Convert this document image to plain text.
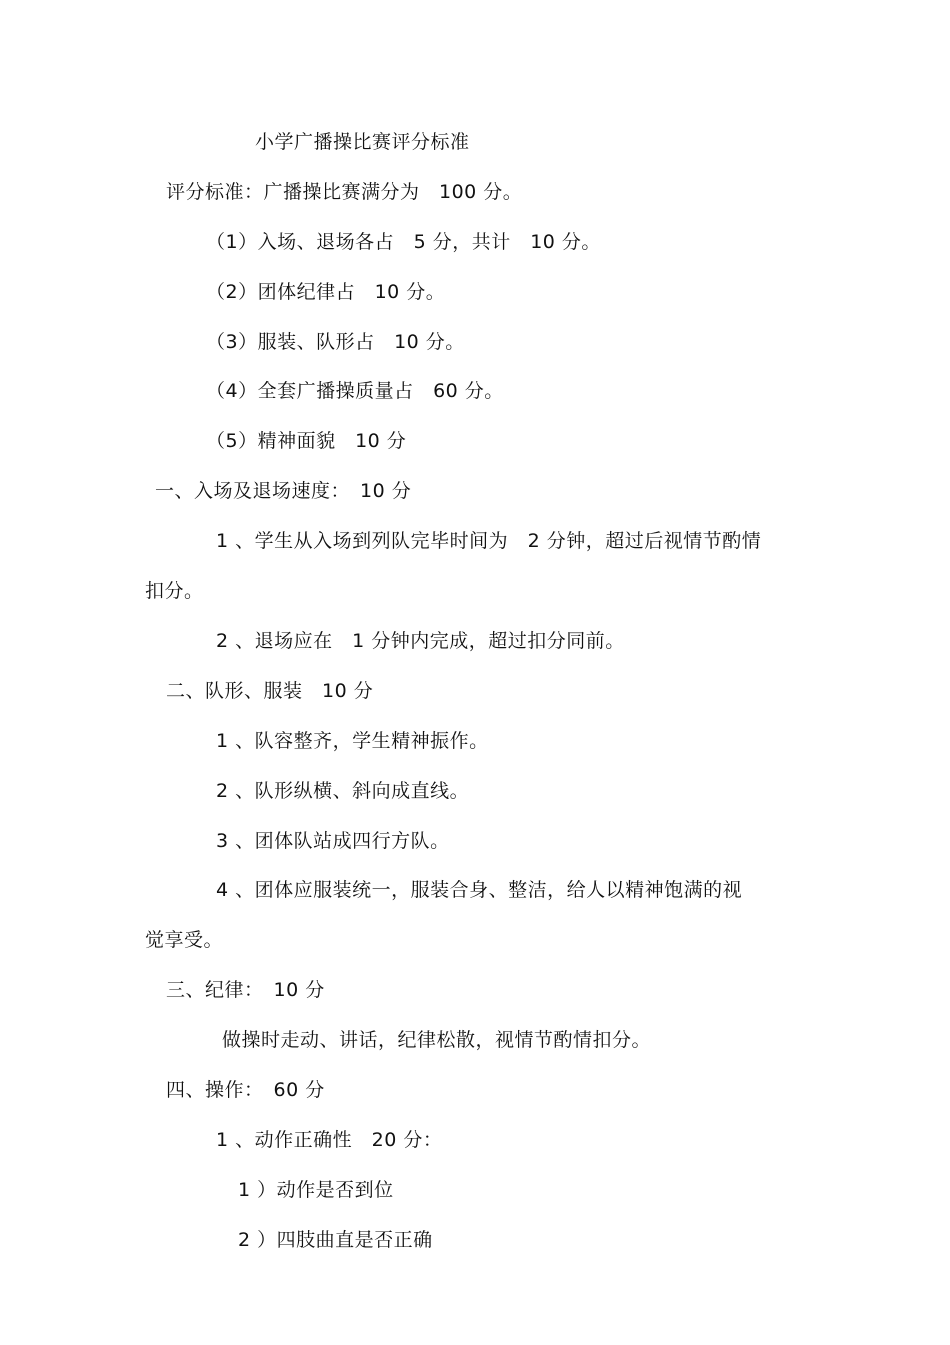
小学广播操比赛评分标准
评分标准：广播操比赛满分为　100 分。
（1）入场、退场各占　5 分，共计　10 分。
（2）团体纪律占　10 分。
（3）服装、队形占　10 分。
（4）全套广播操质量占　60 分。
（5）精神面貌　10 分
一、入场及退场速度：　10 分
1 、学生从入场到列队完毕时间为　2 分钟，超过后视情节酌情
扣分。
2 、退场应在　1 分钟内完成，超过扣分同前。
二、队形、服装　10 分
1 、队容整齐，学生精神振作。
2 、队形纵横、斜向成直线。
3 、团体队站成四行方队。
4 、团体应服装统一，服装合身、整洁，给人以精神饱满的视
觉享受。
三、纪律：　10 分
做操时走动、讲话，纪律松散，视情节酌情扣分。
四、操作：　60 分
1 、动作正确性　20 分：
1 ）动作是否到位
2 ）四肢曲直是否正确
